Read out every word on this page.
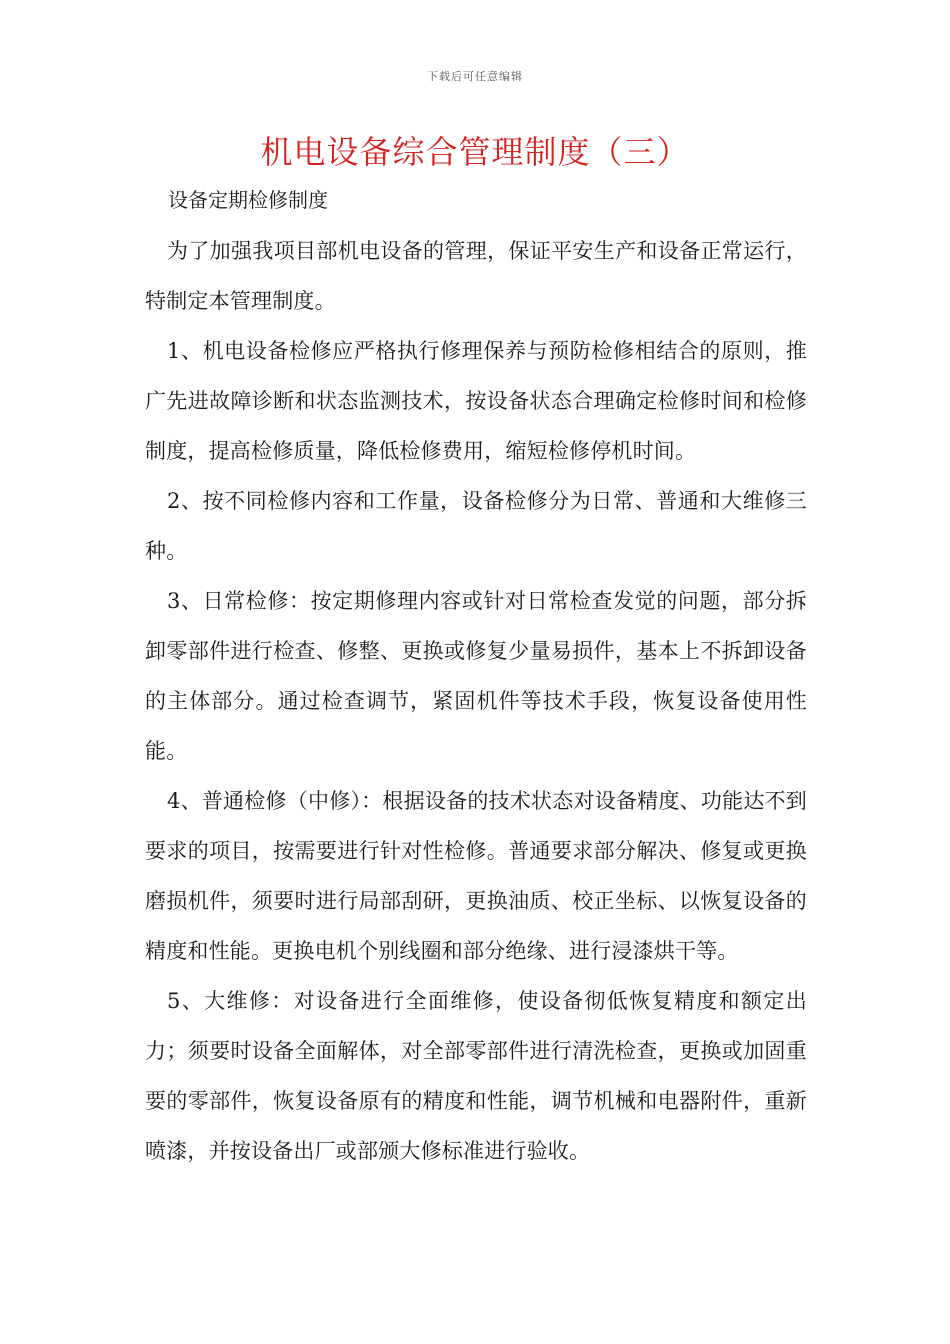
下载后可任意编辑
机电设备综合管理制度（三）

设备定期检修制度

为了加强我项目部机电设备的管理，保证平安生产和设备正常运行，特制定本管理制度。

1、机电设备检修应严格执行修理保养与预防检修相结合的原则，推广先进故障诊断和状态监测技术，按设备状态合理确定检修时间和检修制度，提高检修质量，降低检修费用，缩短检修停机时间。

2、按不同检修内容和工作量，设备检修分为日常、普通和大维修三种。

3、日常检修：按定期修理内容或针对日常检查发觉的问题，部分拆卸零部件进行检查、修整、更换或修复少量易损件，基本上不拆卸设备的主体部分。通过检查调节，紧固机件等技术手段，恢复设备使用性能。

4、普通检修（中修）：根据设备的技术状态对设备精度、功能达不到要求的项目，按需要进行针对性检修。普通要求部分解决、修复或更换磨损机件，须要时进行局部刮研，更换油质、校正坐标、以恢复设备的精度和性能。更换电机个别线圈和部分绝缘、进行浸漆烘干等。

5、大维修：对设备进行全面维修，使设备彻低恢复精度和额定出力；须要时设备全面解体，对全部零部件进行清洗检查，更换或加固重要的零部件，恢复设备原有的精度和性能，调节机械和电器附件，重新喷漆，并按设备出厂或部颁大修标准进行验收。
